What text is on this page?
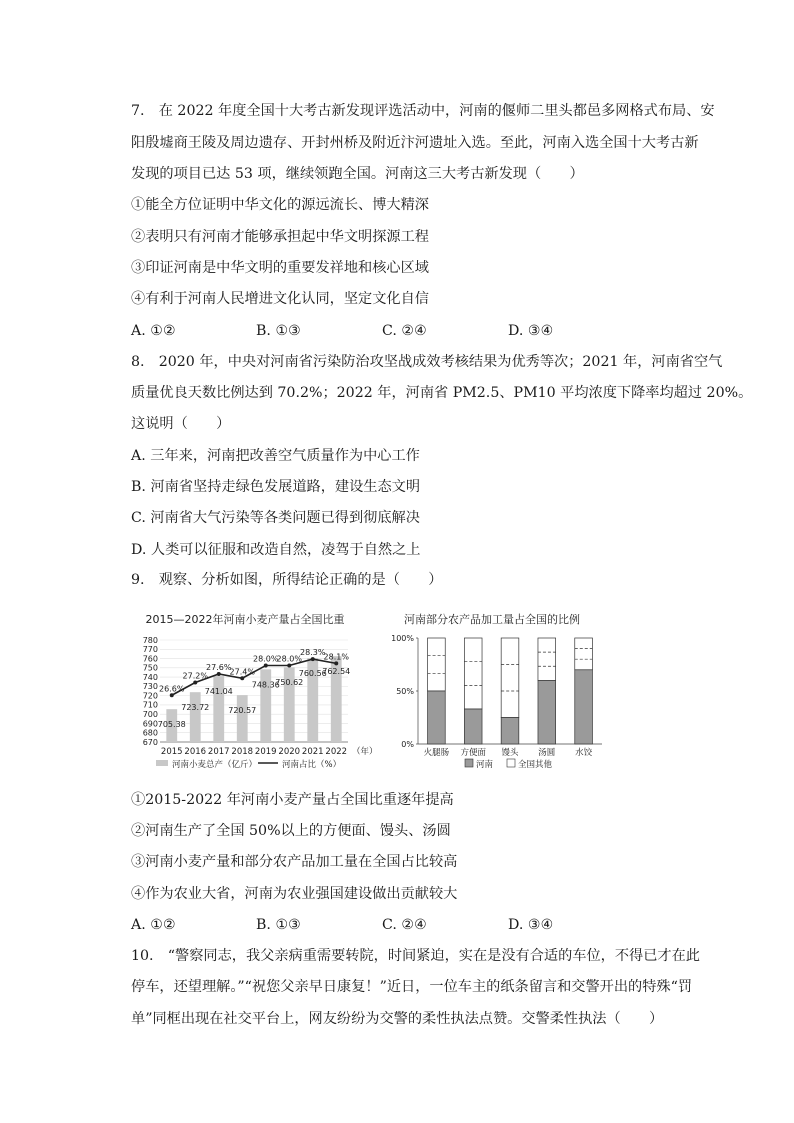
7.　在 2022 年度全国十大考古新发现评选活动中，河南的偃师二里头都邑多网格式布局、安
阳殷墟商王陵及周边遗存、开封州桥及附近汴河遗址入选。至此，河南入选全国十大考古新
发现的项目已达 53 项，继续领跑全国。河南这三大考古新发现（　　）
①能全方位证明中华文化的源远流长、博大精深
②表明只有河南才能够承担起中华文明探源工程
③印证河南是中华文明的重要发祥地和核心区域
④有利于河南人民增进文化认同，坚定文化自信
A. ①②	B. ①③	C. ②④	D. ③④
8.　2020 年，中央对河南省污染防治攻坚战成效考核结果为优秀等次；2021 年，河南省空气
质量优良天数比例达到 70.2%；2022 年，河南省 PM2.5、PM10 平均浓度下降率均超过 20%。
这说明（　　）
A. 三年来，河南把改善空气质量作为中心工作
B. 河南省坚持走绿色发展道路，建设生态文明
C. 河南省大气污染等各类问题已得到彻底解决
D. 人类可以征服和改造自然，凌驾于自然之上
9.　观察、分析如图，所得结论正确的是（　　）
2015—2022年河南小麦产量占全国比重
780
770
760
750
740
730
720
710
700
690
680
670
705.38
723.72
741.04
720.57
748.36
750.62
760.56
762.54
26.6%
27.2%
27.6%
27.4%
28.0%
28.0%
28.3%
28.1%
2015 2016 2017 2018 2019 2020 2021 2022 （年）
河南小麦总产（亿斤）	河南占比（%）
河南部分农产品加工量占全国的比例
100%
50%
0%
火腿肠 方便面 馒头 汤圆 水饺
河南	全国其他
①2015-2022 年河南小麦产量占全国比重逐年提高
②河南生产了全国 50%以上的方便面、馒头、汤圆
③河南小麦产量和部分农产品加工量在全国占比较高
④作为农业大省，河南为农业强国建设做出贡献较大
A. ①②	B. ①③	C. ②④	D. ③④
10.　“警察同志，我父亲病重需要转院，时间紧迫，实在是没有合适的车位，不得已才在此
停车，还望理解。”“祝您父亲早日康复！”近日，一位车主的纸条留言和交警开出的特殊“罚
单”同框出现在社交平台上，网友纷纷为交警的柔性执法点赞。交警柔性执法（　　）
